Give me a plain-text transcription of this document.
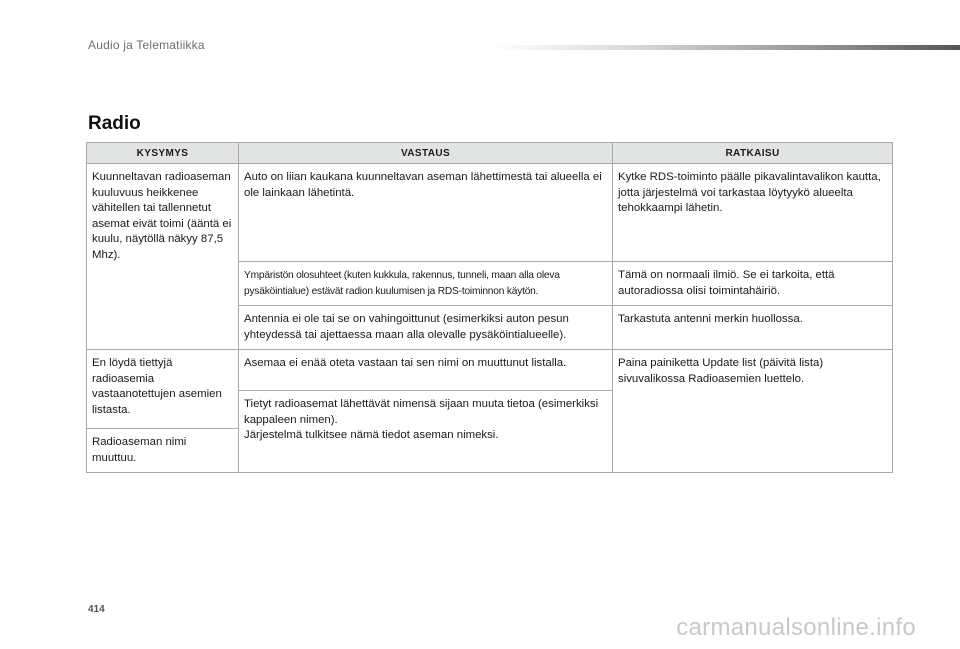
Audio ja Telematiikka
Radio
KYSYMYS	VASTAUS	RATKAISU
Kuunneltavan radioaseman kuuluvuus heikkenee vähitellen tai tallennetut asemat eivät toimi (ääntä ei kuulu, näytöllä näkyy 87,5 Mhz).	Auto on liian kaukana kuunneltavan aseman lähettimestä tai alueella ei ole lainkaan lähetintä.	Kytke RDS-toiminto päälle pikavalintavalikon kautta, jotta järjestelmä voi tarkastaa löytyykö alueelta tehokkaampi lähetin.
	Ympäristön olosuhteet (kuten kukkula, rakennus, tunneli, maan alla oleva pysäköintialue) estävät radion kuulumisen ja RDS-toiminnon käytön.	Tämä on normaali ilmiö. Se ei tarkoita, että autoradiossa olisi toimintahäiriö.
	Antennia ei ole tai se on vahingoittunut (esimerkiksi auton pesun yhteydessä tai ajettaessa maan alla olevalle pysäköintialueelle).	Tarkastuta antenni merkin huollossa.
En löydä tiettyjä radioasemia vastaanotettujen asemien listasta.	Asemaa ei enää oteta vastaan tai sen nimi on muuttunut listalla.	Paina painiketta Update list (päivitä lista) sivuvalikossa Radioasemien luettelo.
	Tietyt radioasemat lähettävät nimensä sijaan muuta tietoa (esimerkiksi kappaleen nimen).
Järjestelmä tulkitsee nämä tiedot aseman nimeksi.	
Radioaseman nimi muuttuu.		
414
carmanualsonline.info
